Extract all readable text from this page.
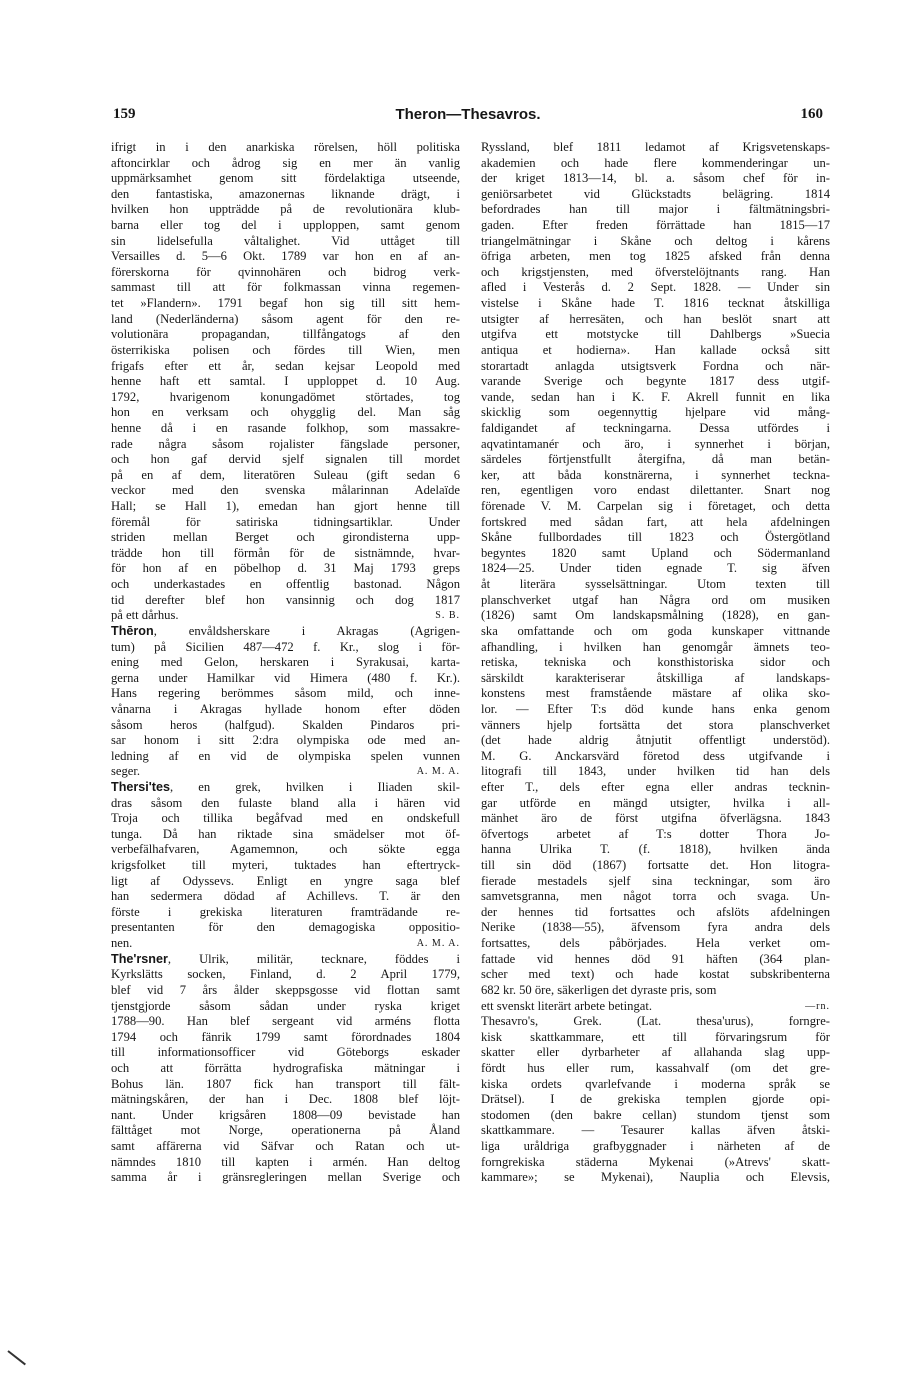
159	Theron—Thesavros.	160
ifrigt in i den anarkiska rörelsen, höll politiska
aftoncirklar och ådrog sig en mer än vanlig
uppmärksamhet genom sitt fördelaktiga utseende,
den fantastiska, amazonernas liknande drägt, i
hvilken hon uppträdde på de revolutionära klub-
barna eller tog del i upploppen, samt genom
sin lidelsefulla våltalighet. Vid uttåget till
Versailles d. 5—6 Okt. 1789 var hon en af an-
förerskorna för qvinnohären och bidrog verk-
sammast till att för folkmassan vinna regemen-
tet »Flandern». 1791 begaf hon sig till sitt hem-
land (Nederländerna) såsom agent för den re-
volutionära propagandan, tillfångatogs af den
österrikiska polisen och fördes till Wien, men
frigafs efter ett år, sedan kejsar Leopold med
henne haft ett samtal. I upploppet d. 10 Aug.
1792, hvarigenom konungadömet störtades, tog
hon en verksam och ohygglig del. Man såg
henne då i en rasande folkhop, som massakre-
rade några såsom rojalister fängslade personer,
och hon gaf dervid sjelf signalen till mordet
på en af dem, literatören Suleau (gift sedan 6
veckor med den svenska målarinnan Adelaïde
Hall; se Hall 1), emedan han gjort henne till
föremål för satiriska tidningsartiklar. Under
striden mellan Berget och girondisterna upp-
trädde hon till förmån för de sistnämnde, hvar-
för hon af en pöbelhop d. 31 Maj 1793 greps
och underkastades en offentlig bastonad. Någon
tid derefter blef hon vansinnig och dog 1817
på ett dårhus.	S. B.
Thēron, envåldsherskare i Akragas (Agrigen-
tum) på Sicilien 487—472 f. Kr., slog i för-
ening med Gelon, herskaren i Syrakusai, karta-
gerna under Hamilkar vid Himera (480 f. Kr.).
Hans regering berömmes såsom mild, och inne-
vånarna i Akragas hyllade honom efter döden
såsom heros (halfgud). Skalden Pindaros pri-
sar honom i sitt 2:dra olympiska ode med an-
ledning af en vid de olympiska spelen vunnen
seger.	A. M. A.
Thersi'tes, en grek, hvilken i Iliaden skil-
dras såsom den fulaste bland alla i hären vid
Troja och tillika begåfvad med en ondskefull
tunga. Då han riktade sina smädelser mot öf-
verbefälhafvaren, Agamemnon, och sökte egga
krigsfolket till myteri, tuktades han eftertryck-
ligt af Odyssevs. Enligt en yngre saga blef
han sedermera dödad af Achillevs. T. är den
förste i grekiska literaturen framträdande re-
presentanten för den demagogiska oppositio-
nen.	A. M. A.
The'rsner, Ulrik, militär, tecknare, föddes i
Kyrkslätts socken, Finland, d. 2 April 1779,
blef vid 7 års ålder skeppsgosse vid flottan samt
tjenstgjorde såsom sådan under ryska kriget
1788—90. Han blef sergeant vid arméns flotta
1794 och fänrik 1799 samt förordnades 1804
till informationsofficer vid Göteborgs eskader
och att förrätta hydrografiska mätningar i
Bohus län. 1807 fick han transport till fält-
mätningskåren, der han i Dec. 1808 blef löjt-
nant. Under krigsåren 1808—09 bevistade han
fälttåget mot Norge, operationerna på Åland
samt affärerna vid Säfvar och Ratan och ut-
nämndes 1810 till kapten i armén. Han deltog
samma år i gränsregleringen mellan Sverige och
Ryssland, blef 1811 ledamot af Krigsvetenskaps-
akademien och hade flere kommenderingar un-
der kriget 1813—14, bl. a. såsom chef för in-
geniörsarbetet vid Glückstadts belägring. 1814
befordrades han till major i fältmätningsbri-
gaden. Efter freden förrättade han 1815—17
triangelmätningar i Skåne och deltog i kårens
öfriga arbeten, men tog 1825 afsked från denna
och krigstjensten, med öfverstelöjtnants rang. Han
afled i Vesterås d. 2 Sept. 1828. — Under sin
vistelse i Skåne hade T. 1816 tecknat åtskilliga
utsigter af herresäten, och han beslöt snart att
utgifva ett motstycke till Dahlbergs »Suecia
antiqua et hodierna». Han kallade också sitt
storartadt anlagda utsigtsverk Fordna och när-
varande Sverige och begynte 1817 dess utgif-
vande, sedan han i K. F. Akrell funnit en lika
skicklig som oegennyttig hjelpare vid mång-
faldigandet af teckningarna. Dessa utfördes i
aqvatintamanér och äro, i synnerhet i början,
särdeles förtjenstfullt återgifna, då man betän-
ker, att båda konstnärerna, i synnerhet teckna-
ren, egentligen voro endast dilettanter. Snart nog
förenade V. M. Carpelan sig i företaget, och detta
fortskred med sådan fart, att hela afdelningen
Skåne fullbordades till 1823 och Östergötland
begyntes 1820 samt Upland och Södermanland
1824—25. Under tiden egnade T. sig äfven
åt literära sysselsättningar. Utom texten till
planschverket utgaf han Några ord om musiken
(1826) samt Om landskapsmålning (1828), en gan-
ska omfattande och om goda kunskaper vittnande
afhandling, i hvilken han genomgår ämnets teo-
retiska, tekniska och konsthistoriska sidor och
särskildt karakteriserar åtskilliga af landskaps-
konstens mest framstående mästare af olika sko-
lor. — Efter T:s död kunde hans enka genom
vänners hjelp fortsätta det stora planschverket
(det hade aldrig åtnjutit offentligt understöd).
M. G. Anckarsvärd företod dess utgifvande i
litografi till 1843, under hvilken tid han dels
efter T., dels efter egna eller andras tecknin-
gar utförde en mängd utsigter, hvilka i all-
mänhet äro de först utgifna öfverlägsna. 1843
öfvertogs arbetet af T:s dotter Thora Jo-
hanna Ulrika T. (f. 1818), hvilken ända
till sin död (1867) fortsatte det. Hon litogra-
fierade mestadels sjelf sina teckningar, som äro
samvetsgranna, men något torra och svaga. Un-
der hennes tid fortsattes och afslöts afdelningen
Nerike (1838—55), äfvensom fyra andra dels
fortsattes, dels påbörjades. Hela verket om-
fattade vid hennes död 91 häften (364 plan-
scher med text) och hade kostat subskribenterna
682 kr. 50 öre, säkerligen det dyraste pris, som
ett svenskt literärt arbete betingat.	—rn.
Thesavro's, Grek. (Lat. thesa'urus), forngre-
kisk skattkammare, ett till förvaringsrum för
skatter eller dyrbarheter af allahanda slag upp-
fördt hus eller rum, kassahvalf (om det gre-
kiska ordets qvarlefvande i moderna språk se
Drätsel). I de grekiska templen gjorde opi-
stodomen (den bakre cellan) stundom tjenst som
skattkammare. — Tesaurer kallas äfven åtski-
liga uråldriga grafbyggnader i närheten af de
forngrekiska städerna Mykenai (»Atrevs' skatt-
kammare»; se Mykenai), Nauplia och Elevsis,
